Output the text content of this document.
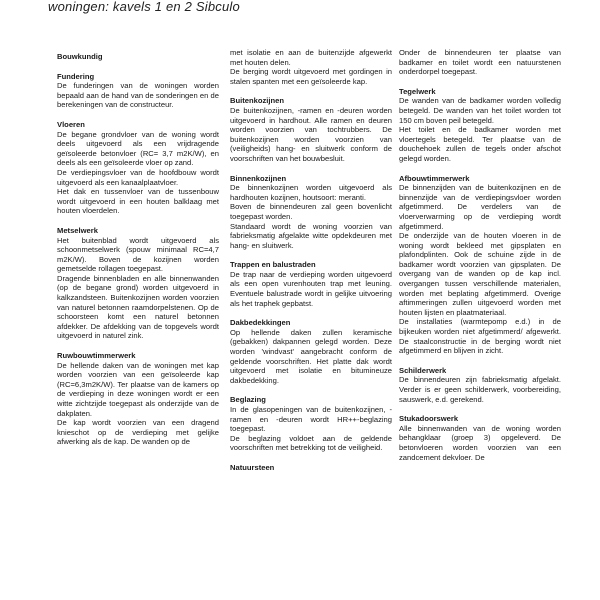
woningen: kavels 1 en 2 Sibculo

Bouwkundig

Fundering

De funderingen van de woningen worden bepaald aan de hand van de sonderingen en de berekeningen van de constructeur.

Vloeren

De begane grondvloer van de woning wordt deels uitgevoerd als een vrijdragende geïsoleerde betonvloer (RC= 3,7 m2K/W), en deels als een geïsoleerde vloer op zand.

De verdiepingsvloer van de hoofdbouw wordt uitgevoerd als een kanaalplaatvloer.

Het dak en tussenvloer van de tussenbouw wordt uitgevoerd in een houten balklaag met houten vloerdelen.

Metselwerk

Het buitenblad wordt uitgevoerd als schoonmetselwerk (spouw minimaal RC=4,7 m2K/W). Boven de kozijnen worden gemetselde rollagen toegepast.

Dragende binnenbladen en alle binnenwanden (op de begane grond) worden uitgevoerd in kalkzandsteen. Buitenkozijnen worden voorzien van naturel betonnen raamdorpelstenen. Op de schoorsteen komt een naturel betonnen afdekker. De afdekking van de topgevels wordt uitgevoerd in naturel zink.

Ruwbouwtimmerwerk

De hellende daken van de woningen met kap worden voorzien van een geïsoleerde kap (RC=6,3m2K/W). Ter plaatse van de kamers op de verdieping in deze woningen wordt er een witte zichtzijde toegepast als onderzijde van de dakplaten.

De kap wordt voorzien van een dragend kniescho​t op de verdieping met gelijke afwerking als de kap. De wanden op de

met isolatie en aan de buitenzijde afgewerkt met houten delen.

De berging wordt uitgevoerd met gordingen in stalen spanten met een geïsoleerde kap.

Buitenkozijnen

De buitenkozijnen, -ramen en -deuren worden uitgevoerd in hardhout. Alle ramen en deuren worden voorzien van tochtrubbers. De buitenkozijnen worden voorzien van (veiligheids) hang- en sluitwerk conform de voorschriften van het bouwbesluit.

Binnenkozijnen

De binnenkozijnen worden uitgevoerd als hardhouten kozijnen, houtsoort: meranti.

Boven de binnendeuren zal geen bovenlicht toegepast worden.

Standaard wordt de woning voorzien van fabrieksmatig afgelakte witte opdekdeuren met hang- en sluitwerk.

Trappen en balustraden

De trap naar de verdieping worden uitgevoerd als een open vurenhouten trap met leuning. Eventuele balustrade wordt in gelijke uitvoering als het traphek gepbatst.

Dakbedekkingen

Op hellende daken zullen keramische (gebakken) dakpannen gelegd worden. Deze worden 'windvast' aangebracht conform de geldende voorschriften. Het platte dak wordt uitgevoerd met isolatie en bitumineuze dakbedekking.

Beglazing

In de glasopeningen van de buitenkozijnen, -ramen en -deuren wordt HR++-beglazing toegepast.

De beglazing voldoet aan de geldende voorschriften met betrekking tot de veiligheid.

Natuursteen

Onder de binnendeuren ter plaatse van badkamer en toilet wordt een natuurstenen onderdorpel toegepast.

Tegelwerk

De wanden van de badkamer worden volledig betegeld. De wanden van het toilet worden tot 150 cm boven peil betegeld.

Het toilet en de badkamer worden met vloertegels betegeld. Ter plaatse van de douchehoek zullen de tegels onder afschot gelegd worden.

Afbouwtimmerwerk

De binnenzijden van de buitenkozijnen en de binnenzijde van de verdiepingsvloer worden afgetimmerd. De verdelers van de vloerverwarming op de verdieping wordt afgetimmerd.

De onderzijde van de houten vloeren in de woning wordt bekleed met gipsplaten en plafondplinten. Ook de schuine zijde in de badkamer wordt voorzien van gipsplaten. De overgang van de wanden op de kap incl. overgangen tussen verschillende materialen, worden met beplating afgetimmerd. Overige aftimmeringen zullen uitgevoerd worden met houten lijsten en plaatmateriaal.

De installaties (warmtepomp e.d.) in de bijkeuken worden niet afgetimmerd/ afgewerkt. De staalconstructie in de berging wordt niet afgetimmerd en blijven in zicht.

Schilderwerk

De binnendeuren zijn fabrieksmatig afgelakt. Verder is er geen schilderwerk, voorbereiding, sauswerk, e.d. gerekend.

Stukadoorswerk

Alle binnenwanden van de woning worden behangklaar (groep 3) opgeleverd. De betonvloeren worden voorzien van een zandcement dekvloer. De
